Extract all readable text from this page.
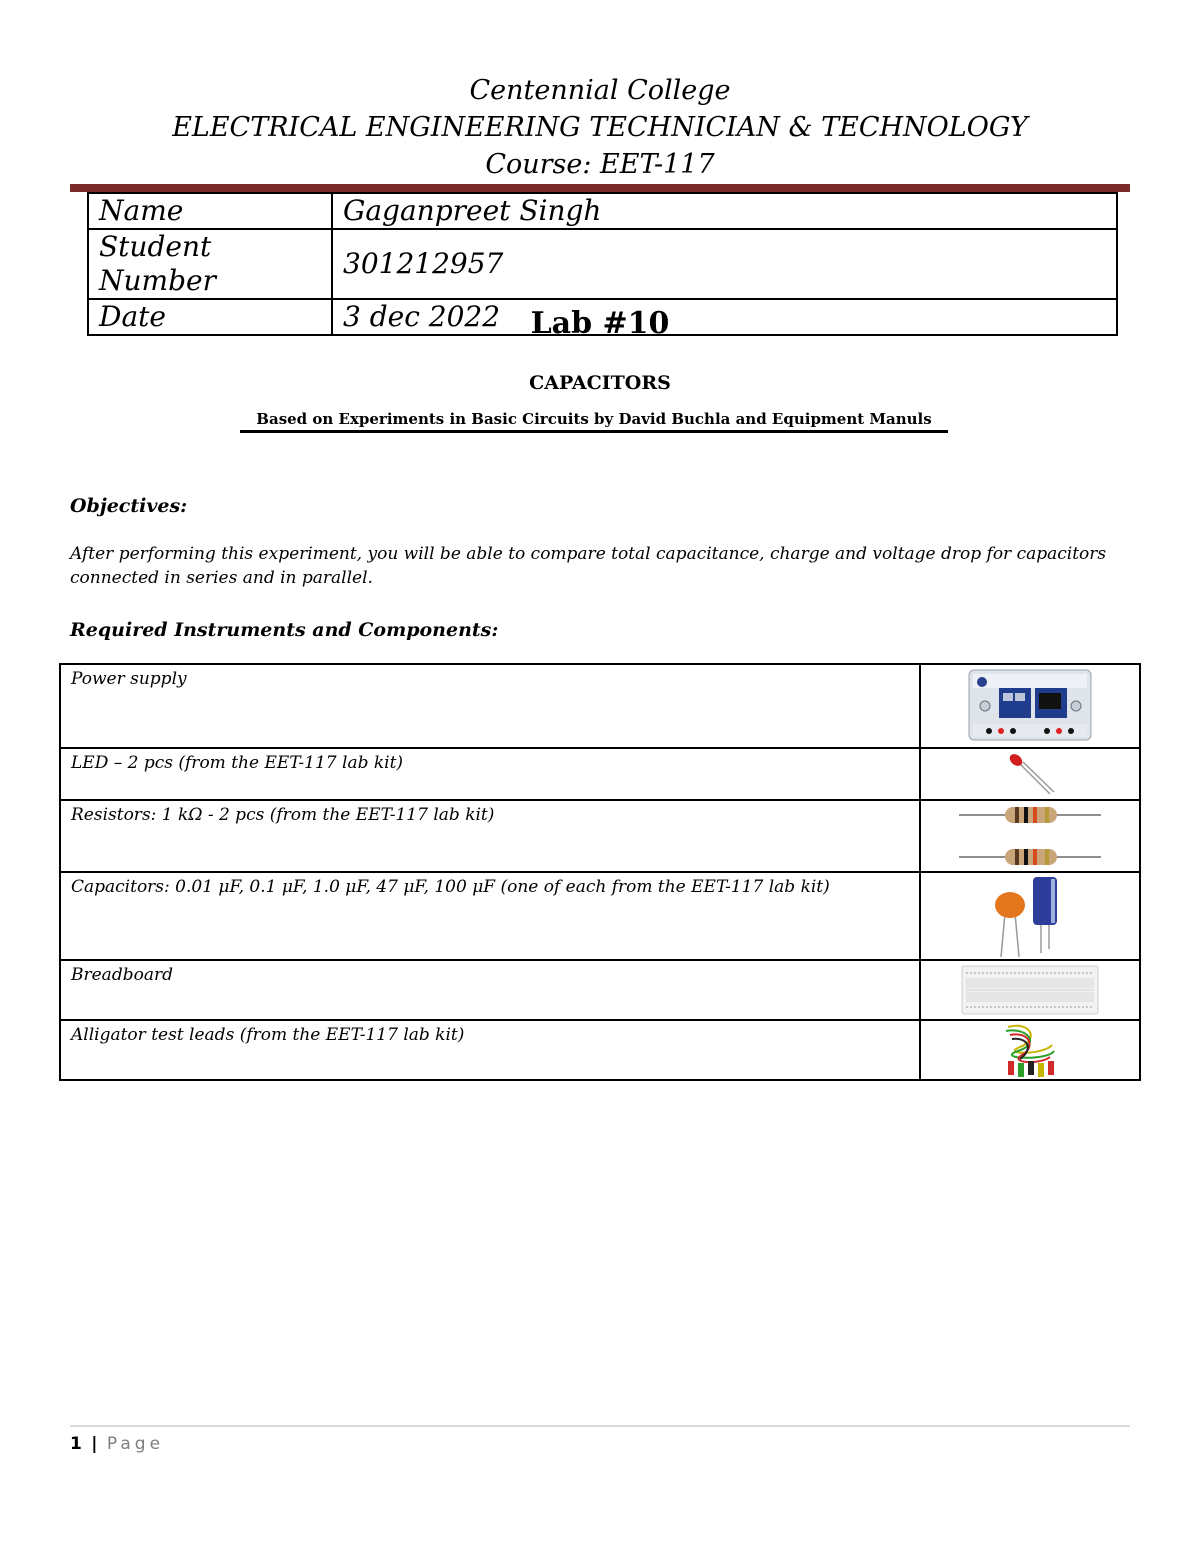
Centennial College
ELECTRICAL ENGINEERING TECHNICIAN & TECHNOLOGY
Course: EET-117
Name	Gaganpreet Singh
Student Number	301212957
Date	3 dec 2022	Lab #10
CAPACITORS
Based on Experiments in Basic Circuits by David Buchla and Equipment Manuls
Objectives:
After performing this experiment, you will be able to compare total capacitance, charge and voltage drop for capacitors connected in series and in parallel.
Required Instruments and Components:
Power supply	

LED – 2 pcs (from the EET-117 lab kit)	

Resistors: 1 kΩ - 2 pcs (from the EET-117 lab kit)	

Capacitors: 0.01 μF, 0.1 μF, 1.0 μF, 47 μF, 100 μF (one of each from the EET-117 lab kit)	

Breadboard	

Alligator test leads (from the EET-117 lab kit)	
1 | Page
